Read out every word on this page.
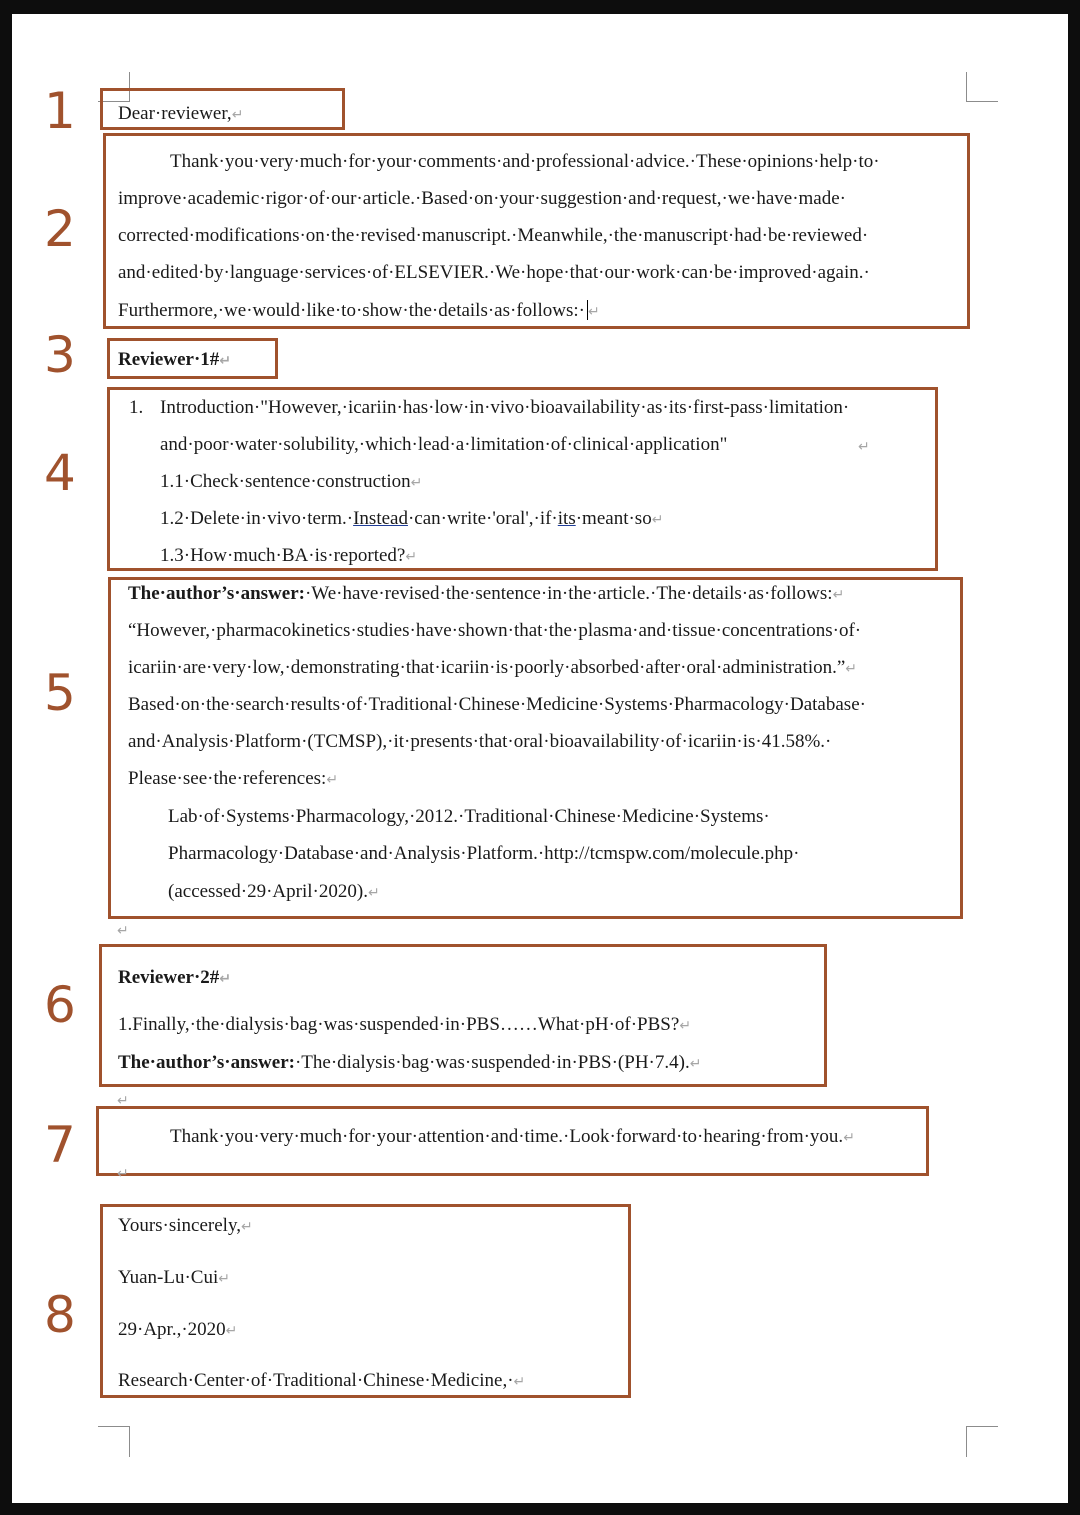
1
2
3
4
5
6
7
8
Dear·reviewer,↵
Thank·you·very·much·for·your·comments·and·professional·advice.·These·opinions·help·to·
improve·academic·rigor·of·our·article.·Based·on·your·suggestion·and·request,·we·have·made·
corrected·modifications·on·the·revised·manuscript.·Meanwhile,·the·manuscript·had·be·reviewed·
and·edited·by·language·services·of·ELSEVIER.·We·hope·that·our·work·can·be·improved·again.·
Furthermore,·we·would·like·to·show·the·details·as·follows:· ↵
Reviewer·1#↵
1. Introduction·"However,·icariin·has·low·in·vivo·bioavailability·as·its·first-pass·limitation·
and·poor·water·solubility,·which·lead·a·limitation·of·clinical·application"	↵
1.1·Check·sentence·construction↵
1.2·Delete·in·vivo·term.·Instead·can·write·'oral',·if·its·meant·so↵
1.3·How·much·BA·is·reported?↵
The·author’s·answer:·We·have·revised·the·sentence·in·the·article.·The·details·as·follows:↵
“However,·pharmacokinetics·studies·have·shown·that·the·plasma·and·tissue·concentrations·of·
icariin·are·very·low,·demonstrating·that·icariin·is·poorly·absorbed·after·oral·administration.”↵
Based·on·the·search·results·of·Traditional·Chinese·Medicine·Systems·Pharmacology·Database·
and·Analysis·Platform·(TCMSP),·it·presents·that·oral·bioavailability·of·icariin·is·41.58%.·
Please·see·the·references:↵
Lab·of·Systems·Pharmacology,·2012.·Traditional·Chinese·Medicine·Systems·
Pharmacology·Database·and·Analysis·Platform.·http://tcmspw.com/molecule.php·
(accessed·29·April·2020).↵
↵
Reviewer·2#↵
1.Finally,·the·dialysis·bag·was·suspended·in·PBS……What·pH·of·PBS?↵
The·author’s·answer:·The·dialysis·bag·was·suspended·in·PBS·(PH·7.4).↵
↵
Thank·you·very·much·for·your·attention·and·time.·Look·forward·to·hearing·from·you.↵
↵
Yours·sincerely,↵
Yuan-Lu·Cui↵
29·Apr.,·2020↵
Research·Center·of·Traditional·Chinese·Medicine,·↵
